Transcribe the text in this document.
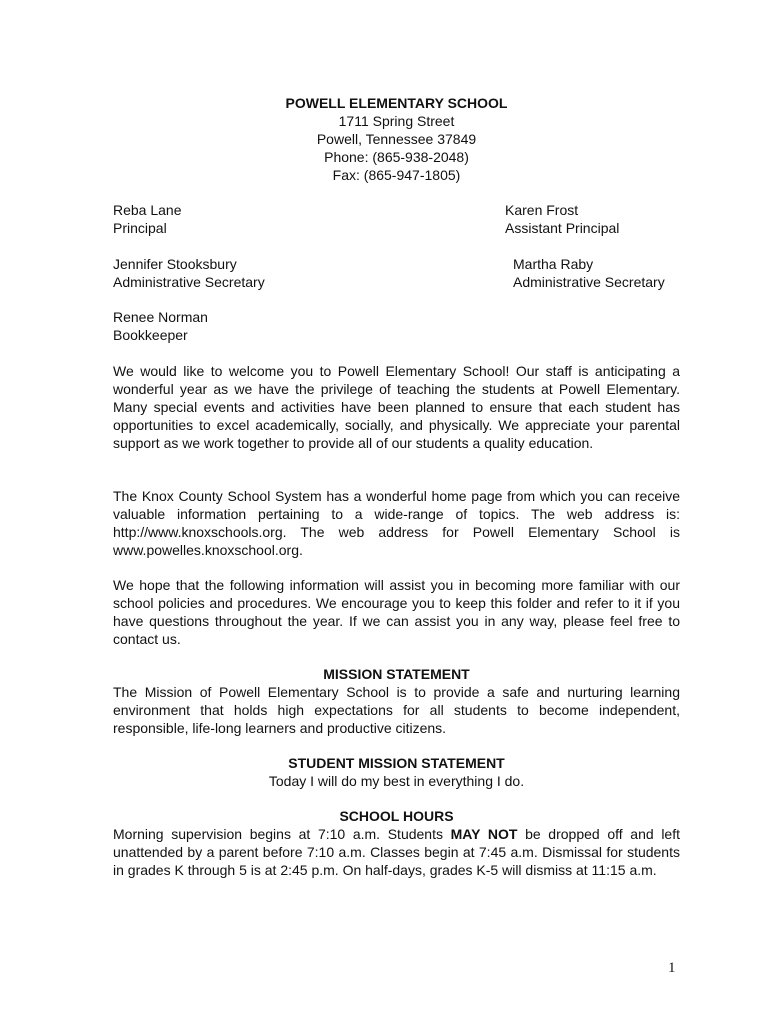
POWELL ELEMENTARY SCHOOL
1711 Spring Street
Powell, Tennessee 37849
Phone: (865-938-2048)
Fax: (865-947-1805)
Reba Lane
Principal
Karen Frost
Assistant Principal
Jennifer Stooksbury
Administrative Secretary
Martha Raby
Administrative Secretary
Renee Norman
Bookkeeper
We would like to welcome you to Powell Elementary School! Our staff is anticipating a wonderful year as we have the privilege of teaching the students at Powell Elementary. Many special events and activities have been planned to ensure that each student has opportunities to excel academically, socially, and physically. We appreciate your parental support as we work together to provide all of our students a quality education.
The Knox County School System has a wonderful home page from which you can receive valuable information pertaining to a wide-range of topics. The web address is: http://www.knoxschools.org. The web address for Powell Elementary School is www.powelles.knoxschool.org.
We hope that the following information will assist you in becoming more familiar with our school policies and procedures. We encourage you to keep this folder and refer to it if you have questions throughout the year. If we can assist you in any way, please feel free to contact us.
MISSION STATEMENT
The Mission of Powell Elementary School is to provide a safe and nurturing learning environment that holds high expectations for all students to become independent, responsible, life-long learners and productive citizens.
STUDENT MISSION STATEMENT
Today I will do my best in everything I do.
SCHOOL HOURS
Morning supervision begins at 7:10 a.m. Students MAY NOT be dropped off and left unattended by a parent before 7:10 a.m. Classes begin at 7:45 a.m. Dismissal for students in grades K through 5 is at 2:45 p.m. On half-days, grades K-5 will dismiss at 11:15 a.m.
1
